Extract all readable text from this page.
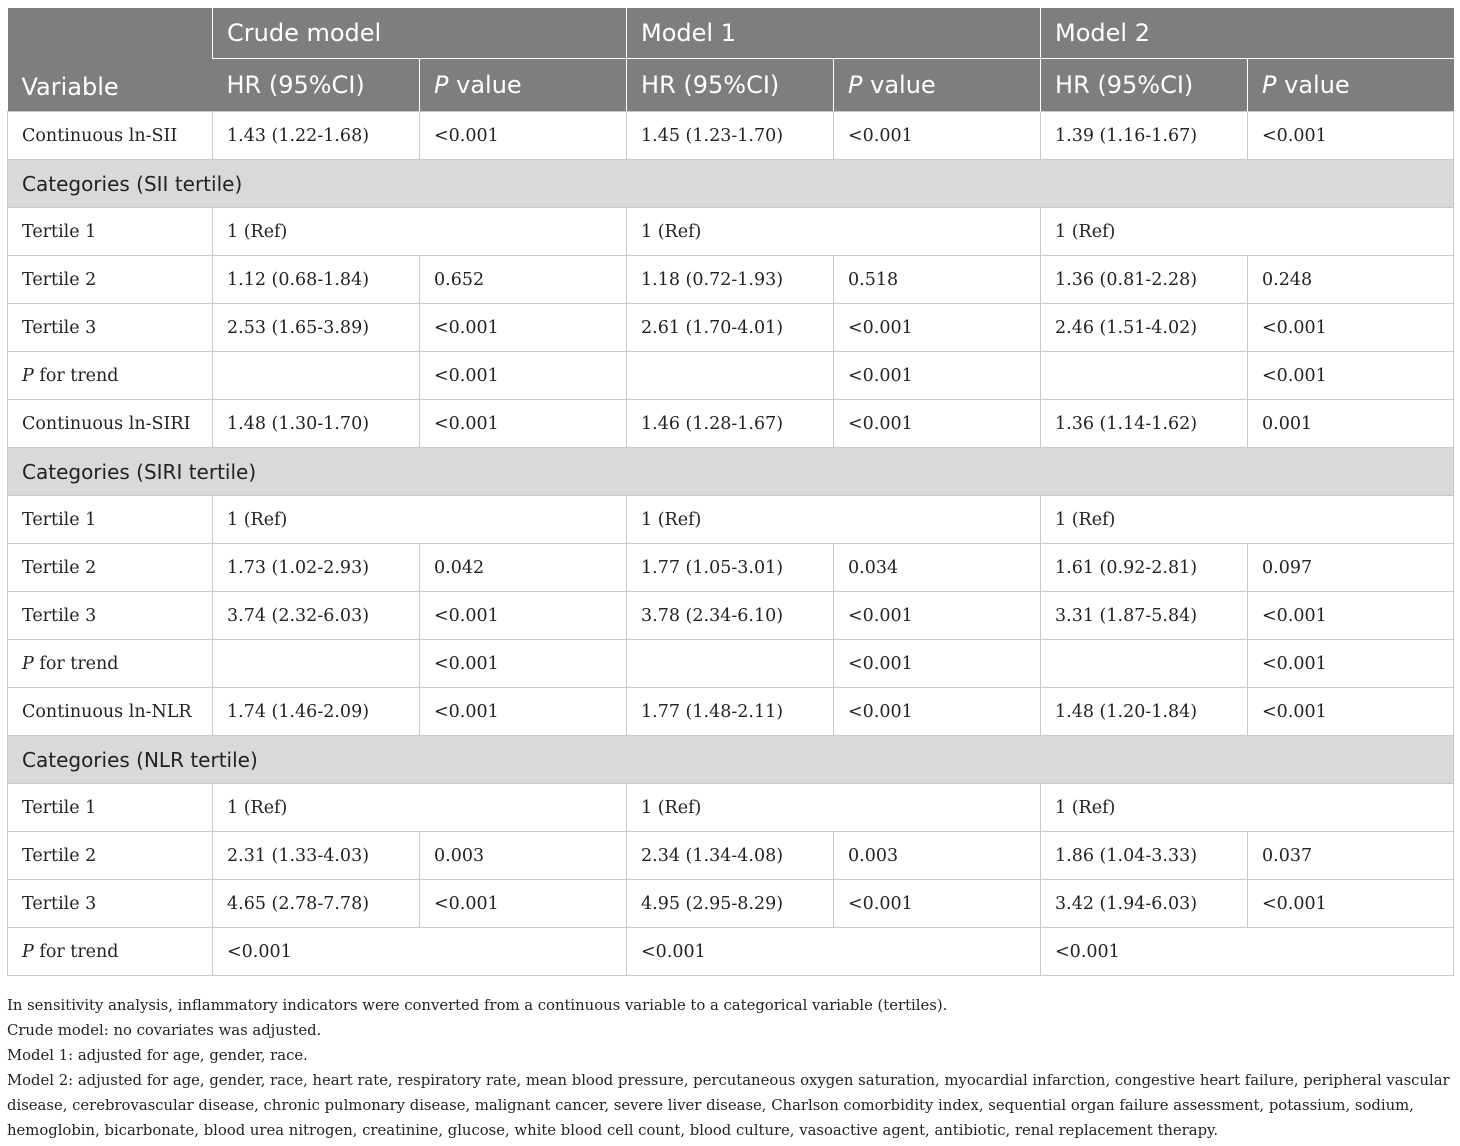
Variable	Crude model		Model 1		Model 2	
	HR (95%CI)	P value	HR (95%CI)	P value	HR (95%CI)	P value
Continuous ln-SII	1.43 (1.22-1.68)	<0.001	1.45 (1.23-1.70)	<0.001	1.39 (1.16-1.67)	<0.001
Categories (SII tertile)						
Tertile 1	1 (Ref)		1 (Ref)		1 (Ref)	
Tertile 2	1.12 (0.68-1.84)	0.652	1.18 (0.72-1.93)	0.518	1.36 (0.81-2.28)	0.248
Tertile 3	2.53 (1.65-3.89)	<0.001	2.61 (1.70-4.01)	<0.001	2.46 (1.51-4.02)	<0.001
P for trend		<0.001		<0.001		<0.001
Continuous ln-SIRI	1.48 (1.30-1.70)	<0.001	1.46 (1.28-1.67)	<0.001	1.36 (1.14-1.62)	0.001
Categories (SIRI tertile)						
Tertile 1	1 (Ref)		1 (Ref)		1 (Ref)	
Tertile 2	1.73 (1.02-2.93)	0.042	1.77 (1.05-3.01)	0.034	1.61 (0.92-2.81)	0.097
Tertile 3	3.74 (2.32-6.03)	<0.001	3.78 (2.34-6.10)	<0.001	3.31 (1.87-5.84)	<0.001
P for trend		<0.001		<0.001		<0.001
Continuous ln-NLR	1.74 (1.46-2.09)	<0.001	1.77 (1.48-2.11)	<0.001	1.48 (1.20-1.84)	<0.001
Categories (NLR tertile)						
Tertile 1	1 (Ref)		1 (Ref)		1 (Ref)	
Tertile 2	2.31 (1.33-4.03)	0.003	2.34 (1.34-4.08)	0.003	1.86 (1.04-3.33)	0.037
Tertile 3	4.65 (2.78-7.78)	<0.001	4.95 (2.95-8.29)	<0.001	3.42 (1.94-6.03)	<0.001
P for trend	<0.001		<0.001		<0.001	

In sensitivity analysis, inflammatory indicators were converted from a continuous variable to a categorical variable (tertiles).

Crude model: no covariates was adjusted.

Model 1: adjusted for age, gender, race.

Model 2: adjusted for age, gender, race, heart rate, respiratory rate, mean blood pressure, percutaneous oxygen saturation, myocardial infarction, congestive heart failure, peripheral vascular disease, cerebrovascular disease, chronic pulmonary disease, malignant cancer, severe liver disease, Charlson comorbidity index, sequential organ failure assessment, potassium, sodium, hemoglobin, bicarbonate, blood urea nitrogen, creatinine, glucose, white blood cell count, blood culture, vasoactive agent, antibiotic, renal replacement therapy.
